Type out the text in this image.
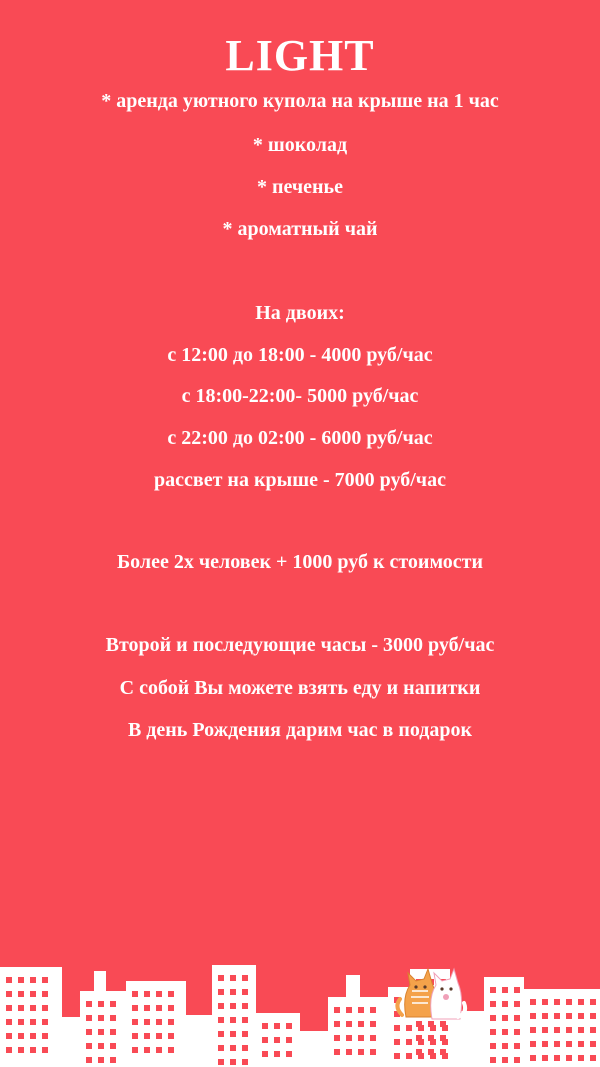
LIGHT
* аренда уютного купола на крыше на 1 час
* шоколад
* печенье
* ароматный чай
На двоих:
с 12:00 до 18:00 - 4000 руб/час
с 18:00-22:00- 5000 руб/час
с 22:00 до 02:00 - 6000 руб/час
рассвет на крыше - 7000 руб/час
Более 2х человек + 1000 руб к стоимости
Второй и последующие часы - 3000 руб/час
С собой Вы можете взять еду и напитки
В день Рождения дарим час в подарок
